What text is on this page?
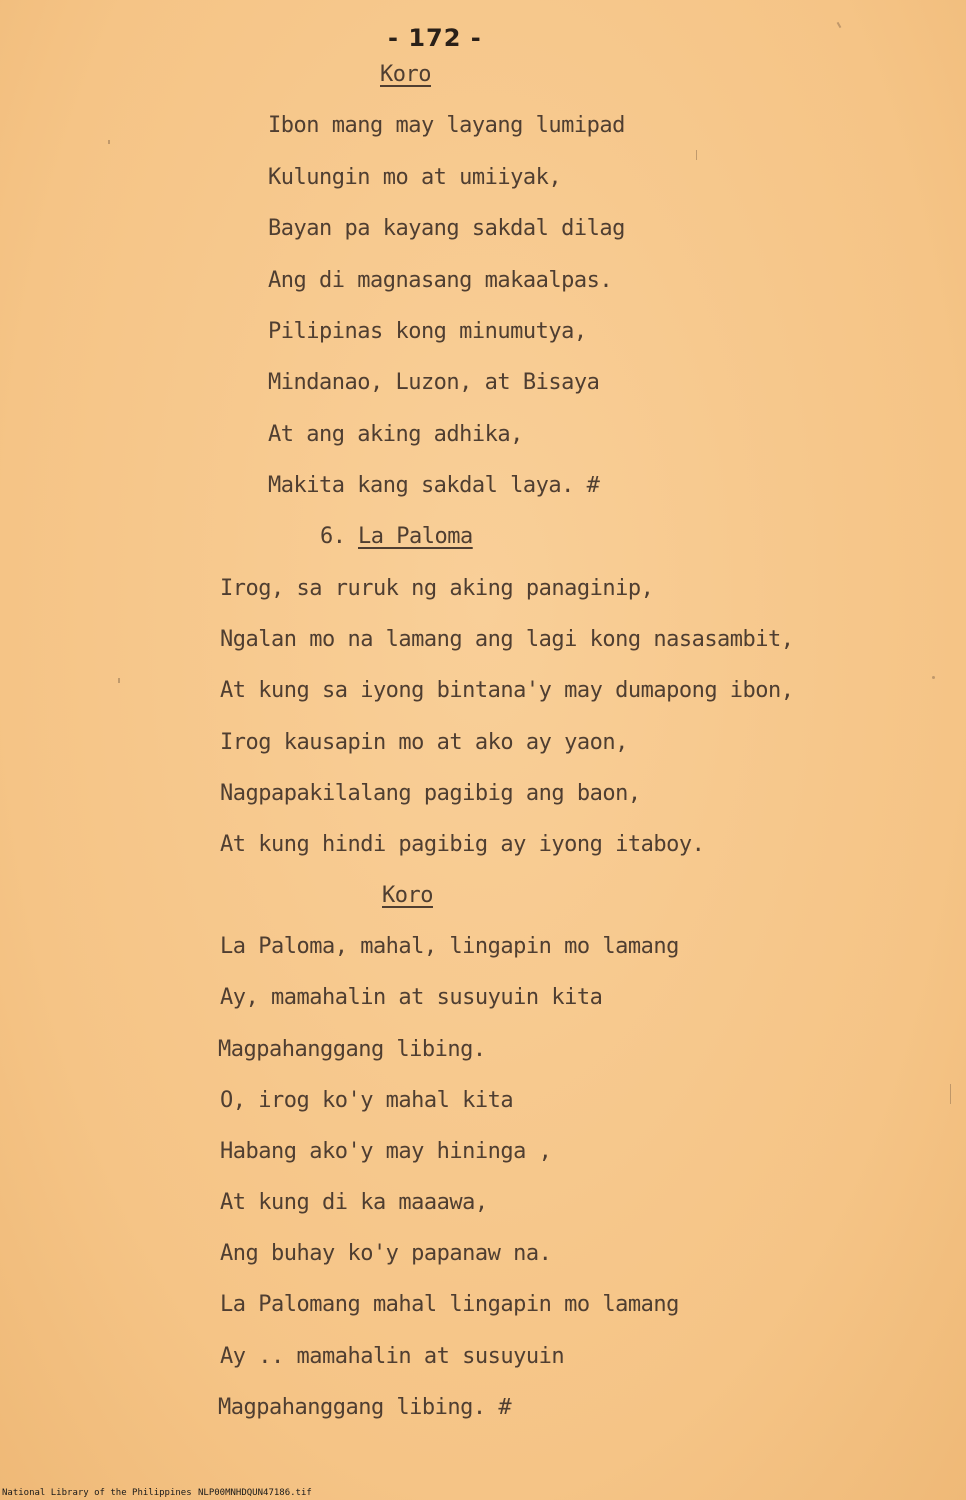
- 172 -
Koro
Ibon mang may layang lumipad
Kulungin mo at umiiyak,
Bayan pa kayang sakdal dilag
Ang di magnasang makaalpas.
Pilipinas kong minumutya,
Mindanao, Luzon, at Bisaya
At ang aking adhika,
Makita kang sakdal laya. #
6. La Paloma
Irog, sa ruruk ng aking panaginip,
Ngalan mo na lamang ang lagi kong nasasambit,
At kung sa iyong bintana'y may dumapong ibon,
Irog kausapin mo at ako ay yaon,
Nagpapakilalang pagibig ang baon,
At kung hindi pagibig ay iyong itaboy.
Koro
La Paloma, mahal, lingapin mo lamang
Ay, mamahalin at susuyuin kita
Magpahanggang libing.
O, irog ko'y mahal kita
Habang ako'y may hininga ,
At kung di ka maaawa,
Ang buhay ko'y papanaw na.
La Palomang mahal lingapin mo lamang
Ay .. mamahalin at susuyuin
Magpahanggang libing. #
National Library of the Philippines NLP00MNHDQUN47186.tif
